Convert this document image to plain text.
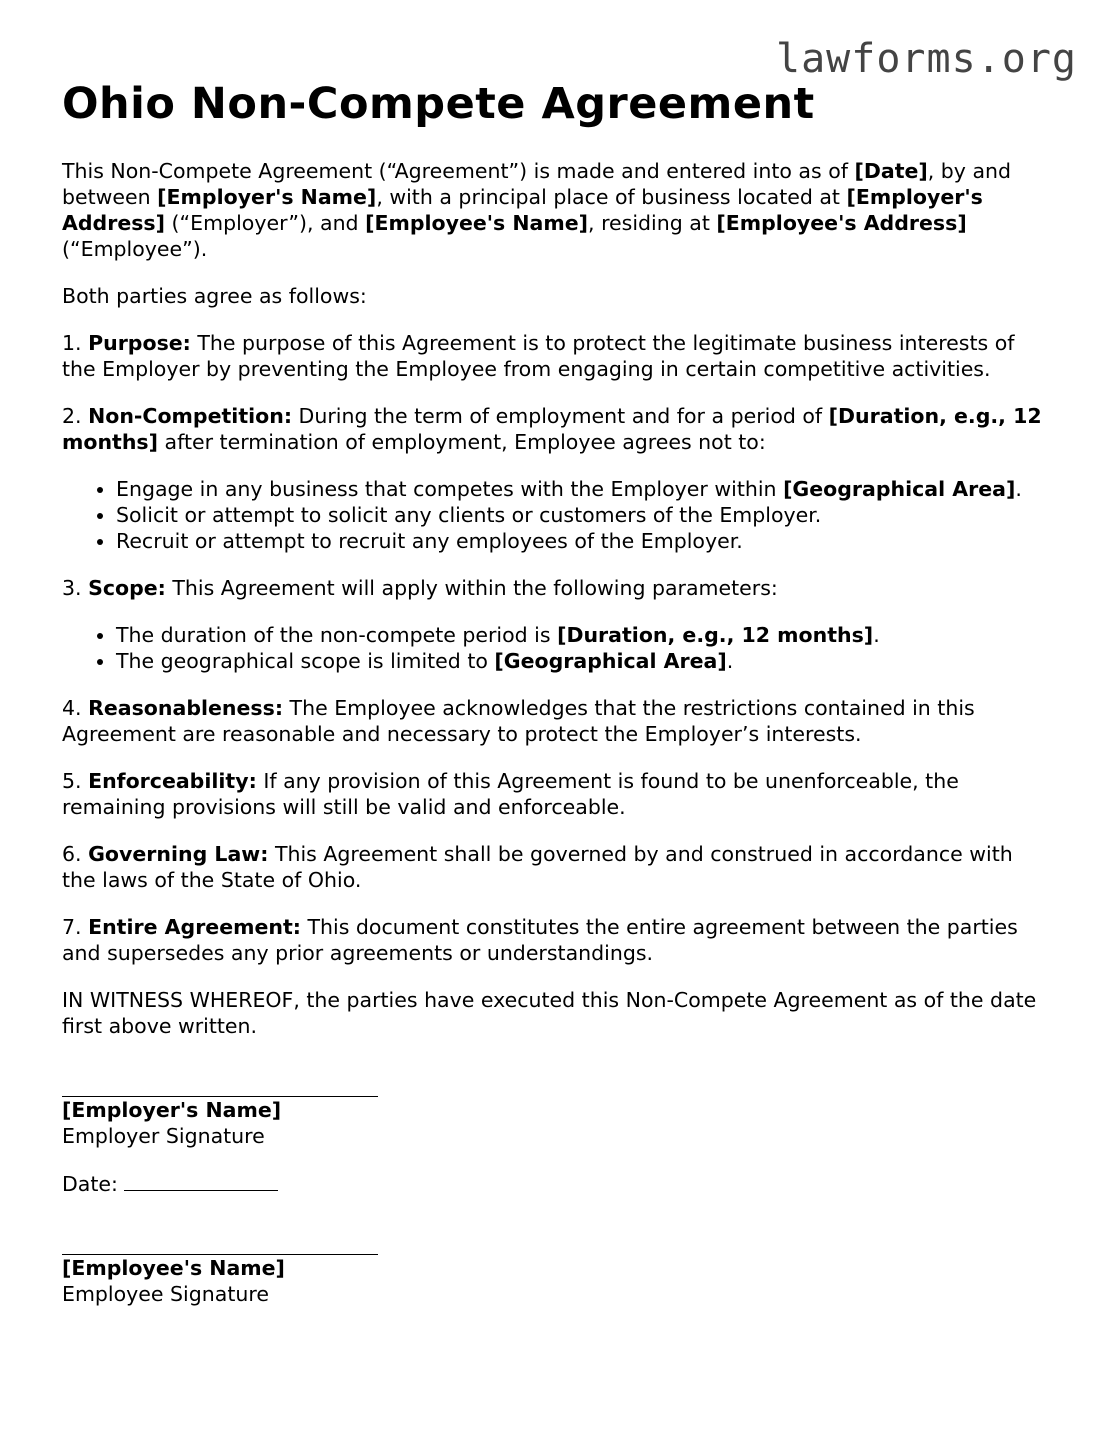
lawforms.org
Ohio Non-Compete Agreement

This Non-Compete Agreement (“Agreement”) is made and entered into as of [Date], by and between [Employer's Name], with a principal place of business located at [Employer's Address] (“Employer”), and [Employee's Name], residing at [Employee's Address] (“Employee”).

Both parties agree as follows:

1. Purpose: The purpose of this Agreement is to protect the legitimate business interests of the Employer by preventing the Employee from engaging in certain competitive activities.

2. Non-Competition: During the term of employment and for a period of [Duration, e.g., 12 months] after termination of employment, Employee agrees not to:

• Engage in any business that competes with the Employer within [Geographical Area].
• Solicit or attempt to solicit any clients or customers of the Employer.
• Recruit or attempt to recruit any employees of the Employer.

3. Scope: This Agreement will apply within the following parameters:

• The duration of the non-compete period is [Duration, e.g., 12 months].
• The geographical scope is limited to [Geographical Area].

4. Reasonableness: The Employee acknowledges that the restrictions contained in this Agreement are reasonable and necessary to protect the Employer’s interests.

5. Enforceability: If any provision of this Agreement is found to be unenforceable, the remaining provisions will still be valid and enforceable.

6. Governing Law: This Agreement shall be governed by and construed in accordance with the laws of the State of Ohio.

7. Entire Agreement: This document constitutes the entire agreement between the parties and supersedes any prior agreements or understandings.

IN WITNESS WHEREOF, the parties have executed this Non-Compete Agreement as of the date first above written.

[Employer's Name]

Employer Signature

Date:

[Employee's Name]

Employee Signature
